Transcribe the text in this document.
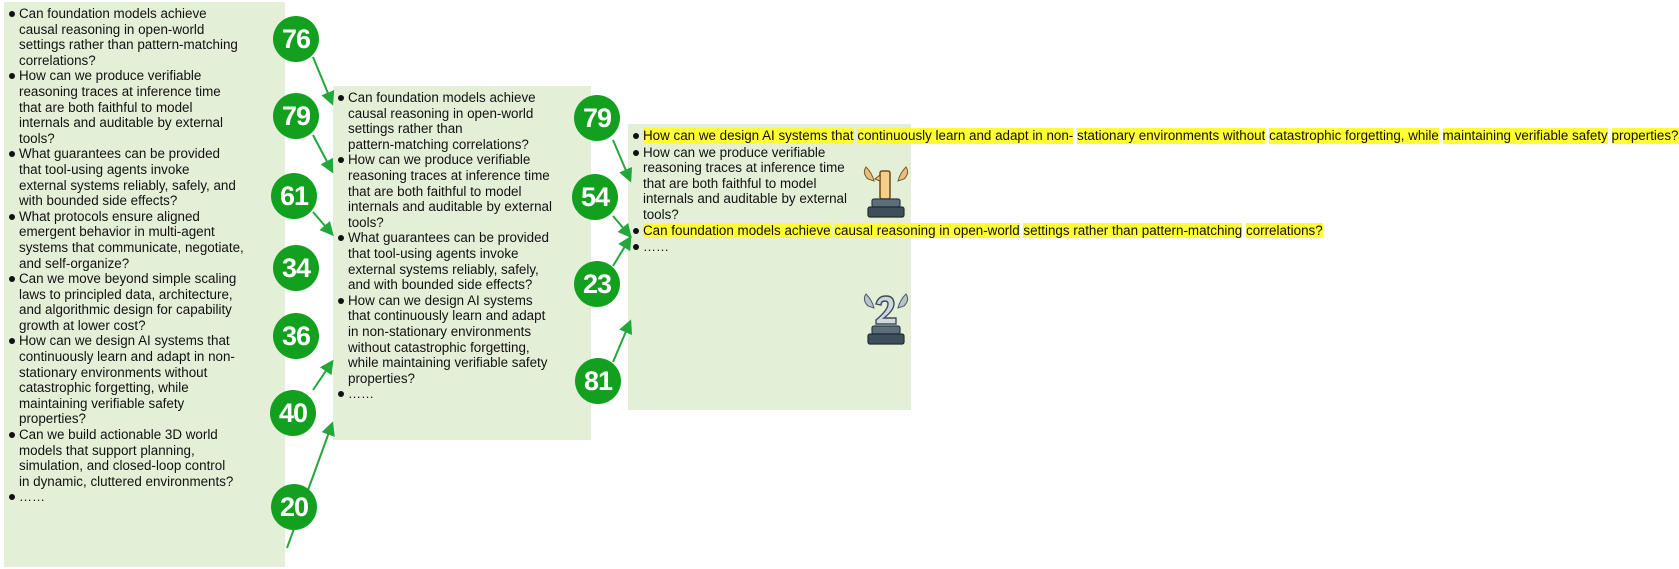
Can foundation models achieve
causal reasoning in open-world
settings rather than pattern-matching
correlations?
How can we produce verifiable
reasoning traces at inference time
that are both faithful to model
internals and auditable by external
tools?
What guarantees can be provided
that tool-using agents invoke
external systems reliably, safely, and
with bounded side effects?
What protocols ensure aligned
emergent behavior in multi-agent
systems that communicate, negotiate,
and self-organize?
Can we move beyond simple scaling
laws to principled data, architecture,
and algorithmic design for capability
growth at lower cost?
How can we design AI systems that
continuously learn and adapt in non-
stationary environments without
catastrophic forgetting, while
maintaining verifiable safety
properties?
Can we build actionable 3D world
models that support planning,
simulation, and closed-loop control
in dynamic, cluttered environments?
……
Can foundation models achieve
causal reasoning in open-world
settings rather than
pattern-matching correlations?
How can we produce verifiable
reasoning traces at inference time
that are both faithful to model
internals and auditable by external
tools?
What guarantees can be provided
that tool-using agents invoke
external systems reliably, safely,
and with bounded side effects?
How can we design AI systems
that continuously learn and adapt
in non-stationary environments
without catastrophic forgetting,
while maintaining verifiable safety
properties?
……
How can we design AI systems that continuously learn and adapt in non- stationary environments without catastrophic forgetting, while maintaining verifiable safety properties?
How can we produce verifiable
reasoning traces at inference time
that are both faithful to model
internals and auditable by external
tools?
Can foundation models achieve causal reasoning in open-world settings rather than pattern-matching correlations?
……
76
79
61
34
36
40
20
79
54
23
81
